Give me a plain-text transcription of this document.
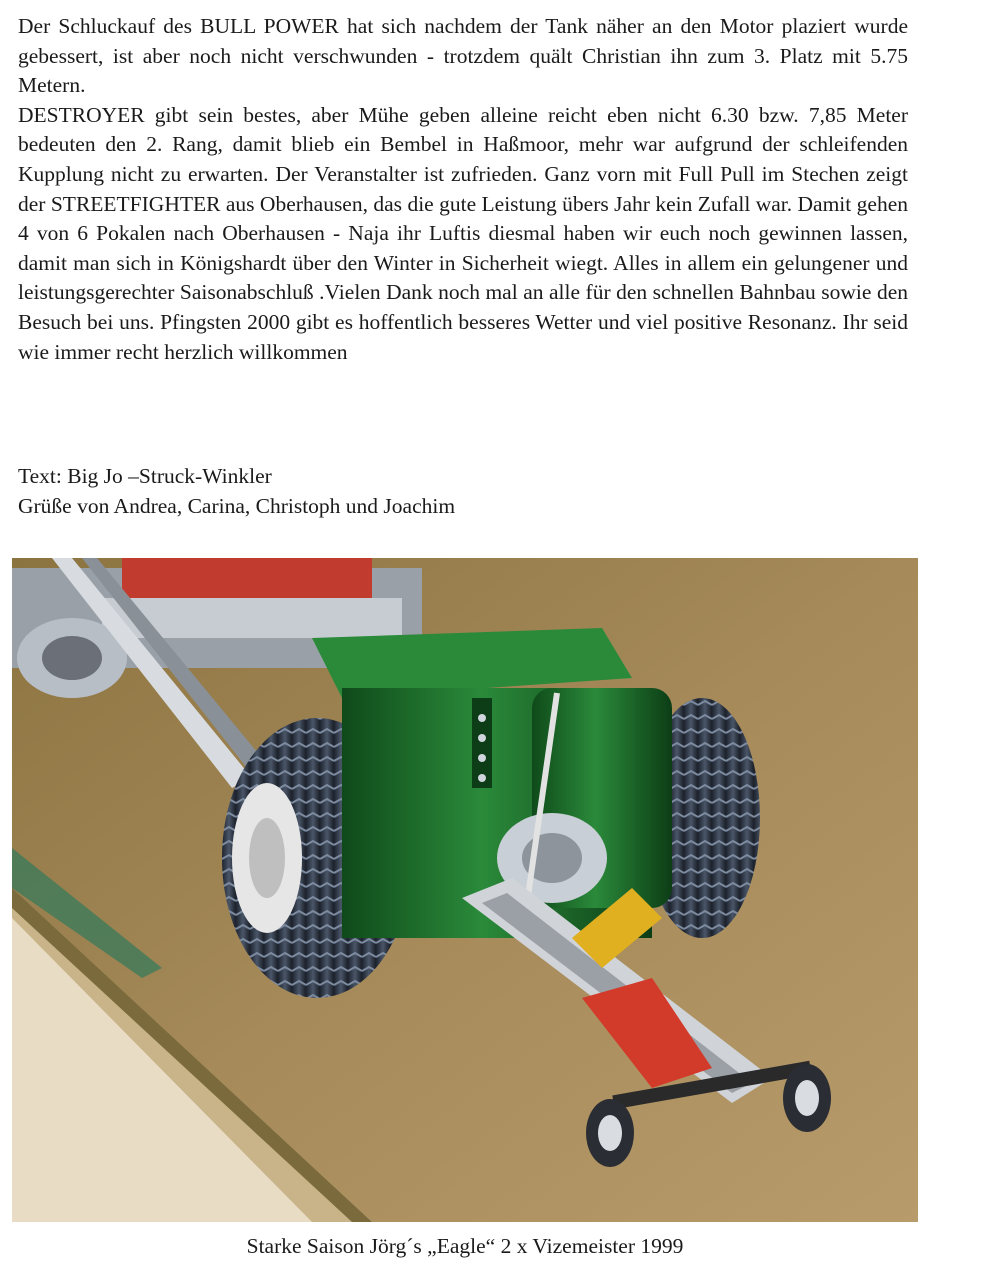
Der Schluckauf des BULL POWER hat sich nachdem der Tank näher an den Motor plaziert wurde gebessert, ist aber noch nicht verschwunden - trotzdem quält Christian ihn zum 3. Platz mit 5.75 Metern.

DESTROYER gibt sein bestes, aber Mühe geben alleine reicht eben nicht 6.30 bzw. 7,85 Meter bedeuten den 2. Rang, damit blieb ein Bembel in Haßmoor, mehr war aufgrund der schleifenden Kupplung nicht zu erwarten. Der Veranstalter ist zufrieden. Ganz vorn mit Full Pull im Stechen zeigt der STREETFIGHTER aus Oberhausen, das die gute Leistung übers Jahr kein Zufall war. Damit gehen 4 von 6 Pokalen nach Oberhausen - Naja ihr Luftis diesmal haben wir euch noch gewinnen lassen, damit man sich in Königshardt über den Winter in Sicherheit wiegt. Alles in allem ein gelungener und leistungsgerechter Saisonabschluß .Vielen Dank noch mal an alle für den schnellen Bahnbau sowie den Besuch bei uns. Pfingsten 2000 gibt es hoffentlich besseres Wetter und viel positive Resonanz. Ihr seid wie immer recht herzlich willkommen

Text: Big Jo –Struck-Winkler
Grüße von Andrea, Carina, Christoph und Joachim
Starke Saison Jörg´s „Eagle“ 2 x Vizemeister 1999
